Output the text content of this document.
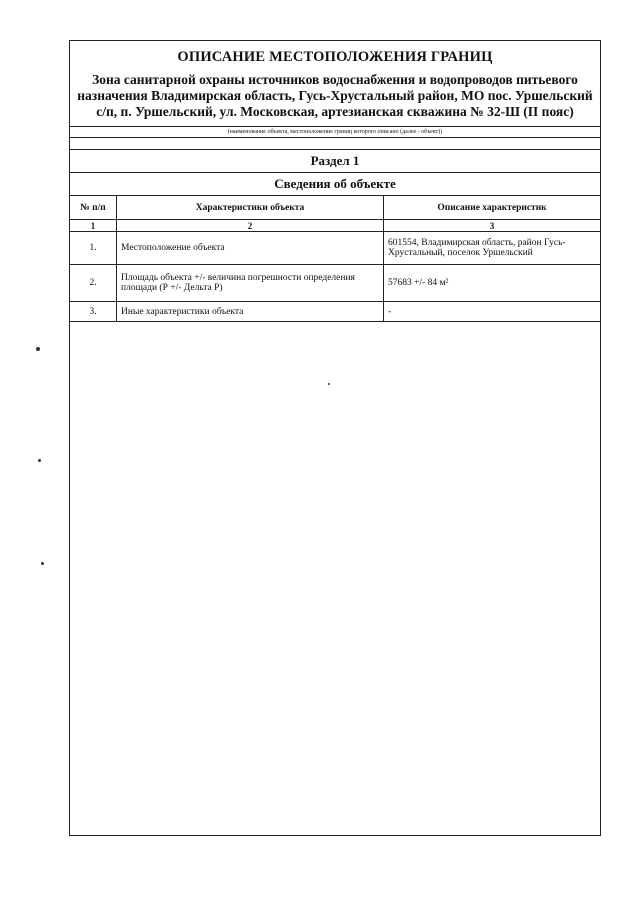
ОПИСАНИЕ МЕСТОПОЛОЖЕНИЯ ГРАНИЦ
Зона санитарной охраны источников водоснабжения и водопроводов питьевого назначения Владимирская область, Гусь-Хрустальный район, МО пос. Уршельский с/п, п. Уршельский, ул. Московская, артезианская скважина № 32-Ш (II пояс)
(наименование объекта, местоположение границ которого описано (далее - объект))
Раздел 1
Сведения об объекте
№ п/п	Характеристики объекта	Описание характеристик
1	2	3
1.	Местоположение объекта	601554, Владимирская область, район Гусь-Хрустальный, поселок Уршельский
2.	Площадь объекта +/- величина погрешности определения площади (Р +/- Дельта Р)	57683 +/- 84 м²
3.	Иные характеристики объекта	-
